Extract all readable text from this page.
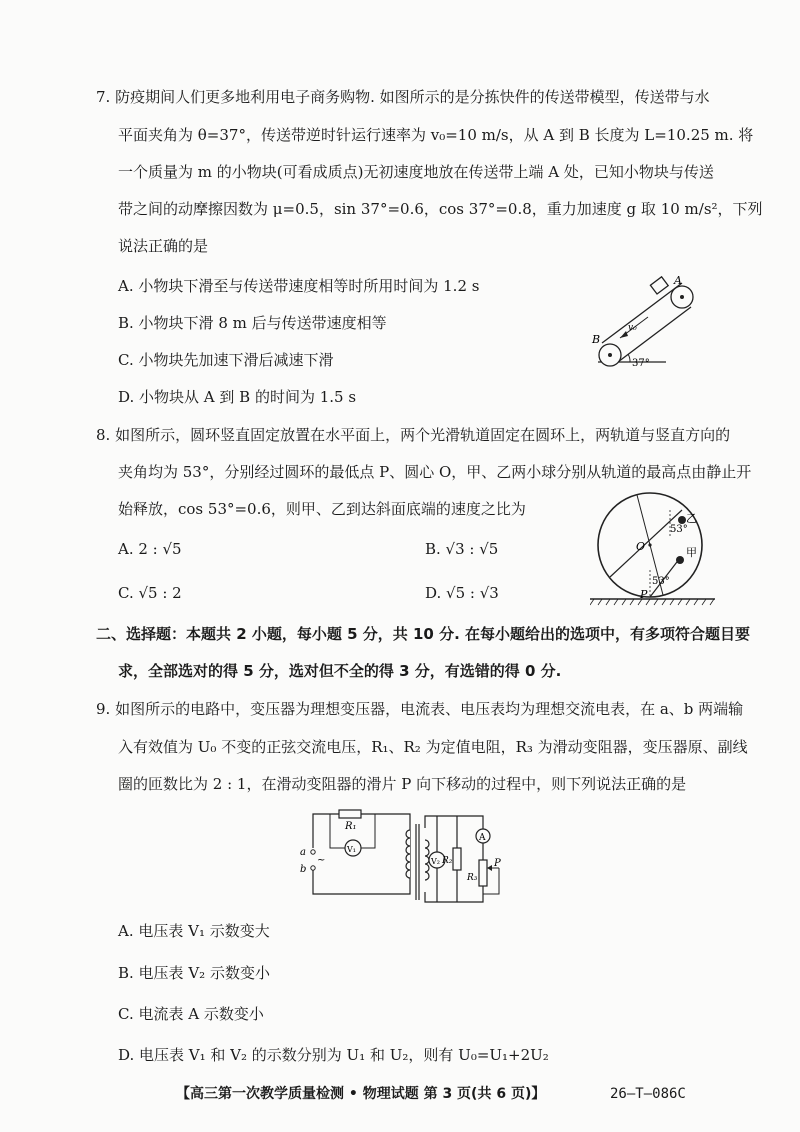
7. 防疫期间人们更多地利用电子商务购物. 如图所示的是分拣快件的传送带模型，传送带与水
平面夹角为 θ=37°，传送带逆时针运行速率为 v₀=10 m/s，从 A 到 B 长度为 L=10.25 m. 将
一个质量为 m 的小物块(可看成质点)无初速度地放在传送带上端 A 处，已知小物块与传送
带之间的动摩擦因数为 μ=0.5，sin 37°=0.6，cos 37°=0.8，重力加速度 g 取 10 m/s²，下列
说法正确的是
A. 小物块下滑至与传送带速度相等时所用时间为 1.2 s
B. 小物块下滑 8 m 后与传送带速度相等
C. 小物块先加速下滑后减速下滑
D. 小物块从 A 到 B 的时间为 1.5 s
A
B
v₀
37°
8. 如图所示，圆环竖直固定放置在水平面上，两个光滑轨道固定在圆环上，两轨道与竖直方向的
夹角均为 53°，分别经过圆环的最低点 P、圆心 O，甲、乙两小球分别从轨道的最高点由静止开
始释放，cos 53°=0.6，则甲、乙到达斜面底端的速度之比为
A. 2 : √5	B. √3 : √5
C. √5 : 2	D. √5 : √3
53°
乙
O	甲
53°
P
二、选择题：本题共 2 小题，每小题 5 分，共 10 分. 在每小题给出的选项中，有多项符合题目要
求，全部选对的得 5 分，选对但不全的得 3 分，有选错的得 0 分.
9. 如图所示的电路中，变压器为理想变压器，电流表、电压表均为理想交流电表，在 a、b 两端输
入有效值为 U₀ 不变的正弦交流电压，R₁、R₂ 为定值电阻，R₃ 为滑动变阻器，变压器原、副线
圈的匝数比为 2 : 1，在滑动变阻器的滑片 P 向下移动的过程中，则下列说法正确的是
R₁
V₁
V₂ R₂
R₃
A
P
a
~
b
A. 电压表 V₁ 示数变大
B. 电压表 V₂ 示数变小
C. 电流表 A 示数变小
D. 电压表 V₁ 和 V₂ 的示数分别为 U₁ 和 U₂，则有 U₀=U₁+2U₂
【高三第一次教学质量检测 • 物理试题 第 3 页(共 6 页)】	26—T—086C
